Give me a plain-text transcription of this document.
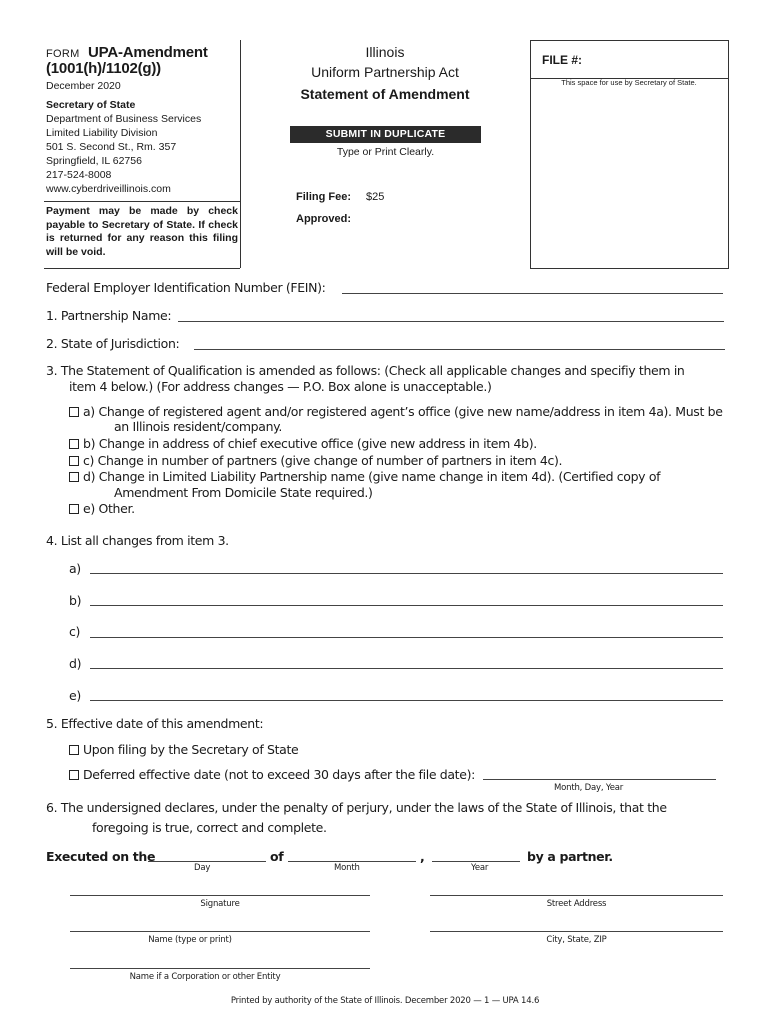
FORM UPA-Amendment
(1001(h)/1102(g))
December 2020
Secretary of State
Department of Business Services
Limited Liability Division
501 S. Second St., Rm. 357
Springfield, IL 62756
217-524-8008
www.cyberdriveillinois.com
Payment may be made by check payable to Secretary of State. If check is returned for any reason this filing will be void.
Illinois
Uniform Partnership Act
Statement of Amendment
SUBMIT IN DUPLICATE
Type or Print Clearly.
Filing Fee: $25
Approved:
FILE #:
This space for use by Secretary of State.
Federal Employer Identification Number (FEIN):
1. Partnership Name:
2. State of Jurisdiction:
3. The Statement of Qualification is amended as follows: (Check all applicable changes and specifiy them in
item 4 below.) (For address changes — P.O. Box alone is unacceptable.)
a) Change of registered agent and/or registered agent’s office (give new name/address in item 4a). Must be
an Illinois resident/company.
b) Change in address of chief executive office (give new address in item 4b).
c) Change in number of partners (give change of number of partners in item 4c).
d) Change in Limited Liability Partnership name (give name change in item 4d). (Certified copy of
Amendment From Domicile State required.)
e) Other.
4. List all changes from item 3.
a)
b)
c)
d)
e)
5. Effective date of this amendment:
Upon filing by the Secretary of State
Deferred effective date (not to exceed 30 days after the file date):
Month, Day, Year
6. The undersigned declares, under the penalty of perjury, under the laws of the State of Illinois, that the
foregoing is true, correct and complete.
Executed on the	of	,	by a partner.
Day	Month	Year
Signature	Street Address
Name (type or print)	City, State, ZIP
Name if a Corporation or other Entity
Printed by authority of the State of Illinois. December 2020 — 1 — UPA 14.6
